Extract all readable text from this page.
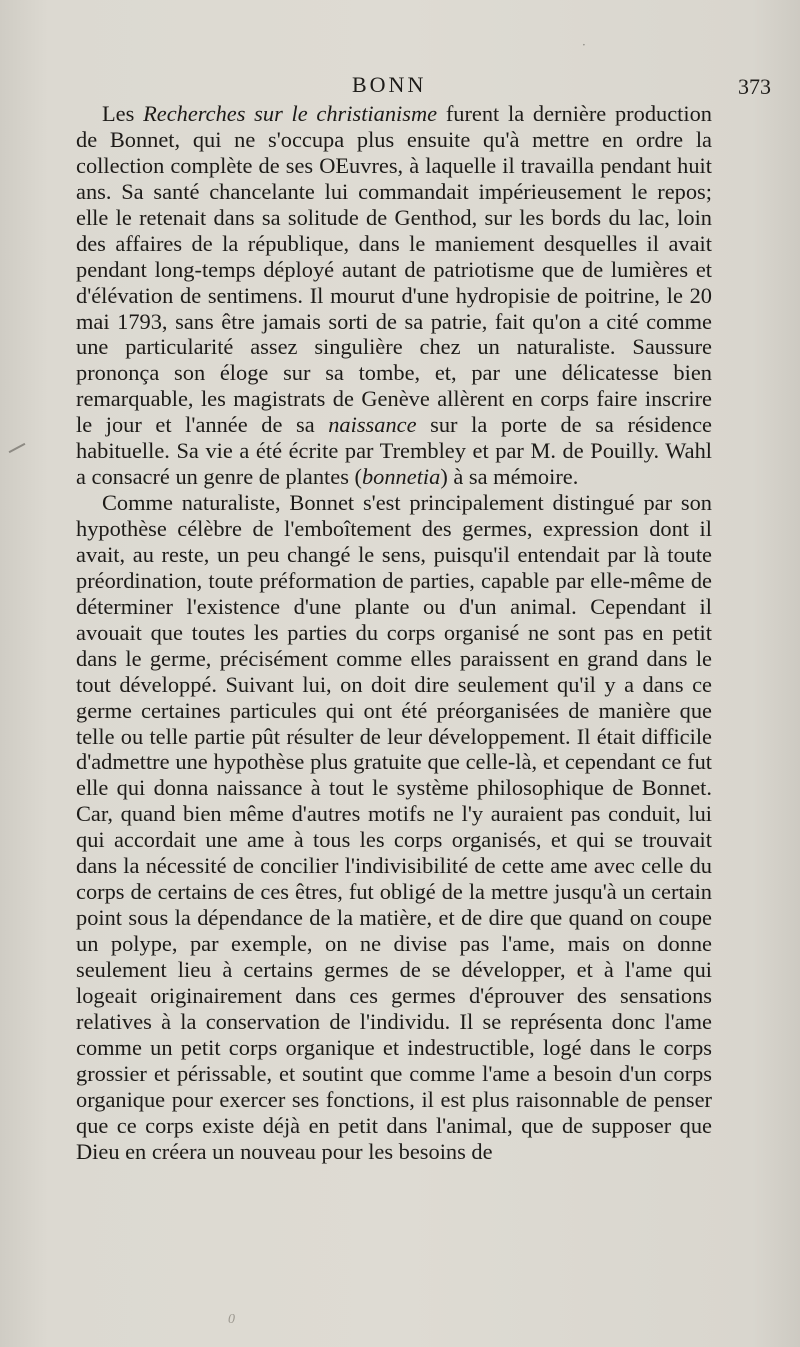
·
BONN	373

Les Recherches sur le christianisme furent la dernière production de Bonnet, qui ne s'occupa plus ensuite qu'à mettre en ordre la collection complète de ses OEuvres, à laquelle il travailla pendant huit ans. Sa santé chancelante lui commandait impérieusement le repos; elle le retenait dans sa solitude de Genthod, sur les bords du lac, loin des affaires de la république, dans le maniement desquelles il avait pendant long-temps déployé autant de patriotisme que de lumières et d'élévation de sentimens. Il mourut d'une hydropisie de poitrine, le 20 mai 1793, sans être jamais sorti de sa patrie, fait qu'on a cité comme une particularité assez singulière chez un naturaliste. Saussure prononça son éloge sur sa tombe, et, par une délicatesse bien remarquable, les magistrats de Genève allèrent en corps faire inscrire le jour et l'année de sa naissance sur la porte de sa résidence habituelle. Sa vie a été écrite par Trembley et par M. de Pouilly. Wahl a consacré un genre de plantes (bonnetia) à sa mémoire.

Comme naturaliste, Bonnet s'est principalement distingué par son hypothèse célèbre de l'emboîtement des germes, expression dont il avait, au reste, un peu changé le sens, puisqu'il entendait par là toute préordination, toute préformation de parties, capable par elle-même de déterminer l'existence d'une plante ou d'un animal. Cependant il avouait que toutes les parties du corps organisé ne sont pas en petit dans le germe, précisément comme elles paraissent en grand dans le tout développé. Suivant lui, on doit dire seulement qu'il y a dans ce germe certaines particules qui ont été préorganisées de manière que telle ou telle partie pût résulter de leur développement. Il était difficile d'admettre une hypothèse plus gratuite que celle-là, et cependant ce fut elle qui donna naissance à tout le système philosophique de Bonnet. Car, quand bien même d'autres motifs ne l'y auraient pas conduit, lui qui accordait une ame à tous les corps organisés, et qui se trouvait dans la nécessité de concilier l'indivisibilité de cette ame avec celle du corps de certains de ces êtres, fut obligé de la mettre jusqu'à un certain point sous la dépendance de la matière, et de dire que quand on coupe un polype, par exemple, on ne divise pas l'ame, mais on donne seulement lieu à certains germes de se développer, et à l'ame qui logeait originairement dans ces germes d'éprouver des sensations relatives à la conservation de l'individu. Il se représenta donc l'ame comme un petit corps organique et indestructible, logé dans le corps grossier et périssable, et soutint que comme l'ame a besoin d'un corps organique pour exercer ses fonctions, il est plus raisonnable de penser que ce corps existe déjà en petit dans l'animal, que de supposer que Dieu en créera un nouveau pour les besoins de

0
